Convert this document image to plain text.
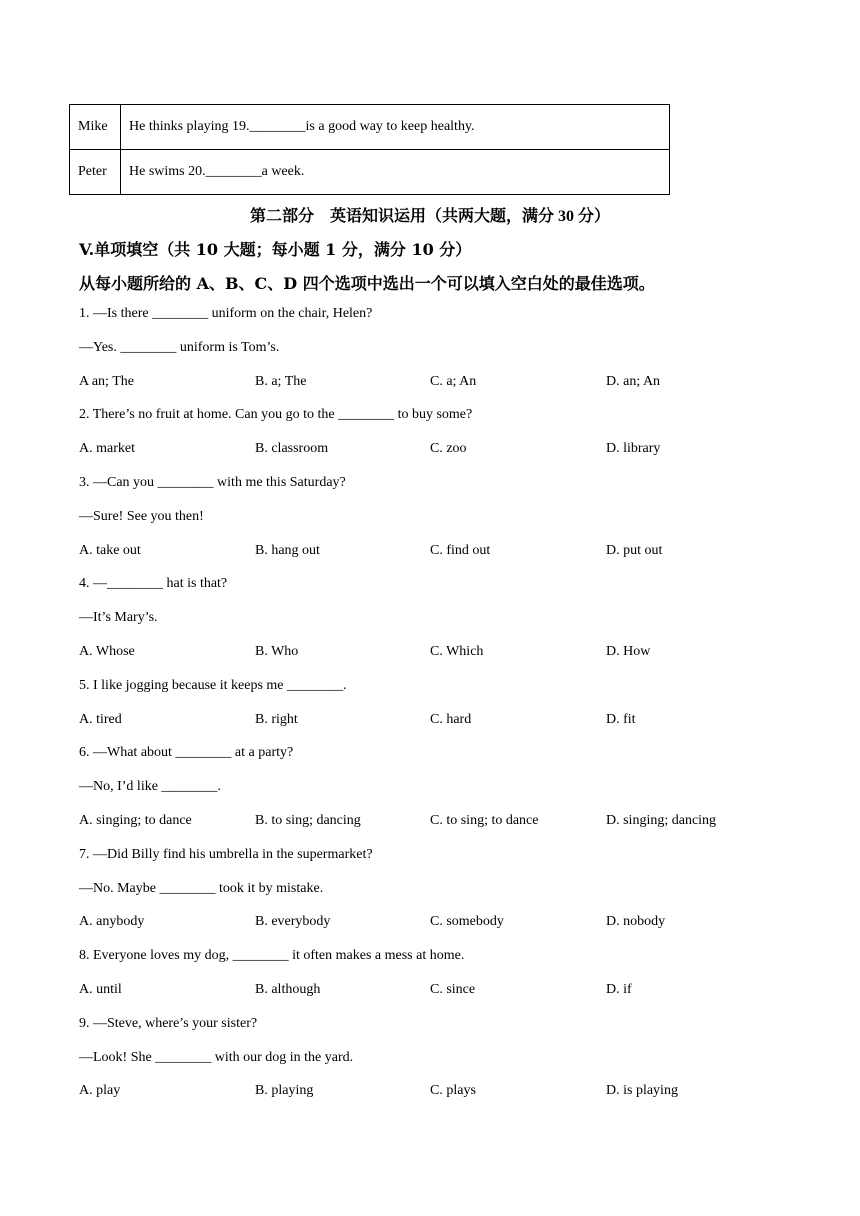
Mike	He thinks playing 19.________is a good way to keep healthy.
Peter	He swims 20.________a week.
第二部分　英语知识运用（共两大题，满分 30 分）
V.单项填空（共 10 大题；每小题 1 分，满分 10 分）
从每小题所给的 A、B、C、D 四个选项中选出一个可以填入空白处的最佳选项。
1. —Is there ________ uniform on the chair, Helen?
—Yes. ________ uniform is Tom’s.
A an; The	B. a; The	C. a; An	D. an; An
2. There’s no fruit at home. Can you go to the ________ to buy some?
A. market	B. classroom	C. zoo	D. library
3. —Can you ________ with me this Saturday?
—Sure! See you then!
A. take out	B. hang out	C. find out	D. put out
4. —________ hat is that?
—It’s Mary’s.
A. Whose	B. Who	C. Which	D. How
5. I like jogging because it keeps me ________.
A. tired	B. right	C. hard	D. fit
6. —What about ________ at a party?
—No, I’d like ________.
A. singing; to dance	B. to sing; dancing	C. to sing; to dance	D. singing; dancing
7. —Did Billy find his umbrella in the supermarket?
—No. Maybe ________ took it by mistake.
A. anybody	B. everybody	C. somebody	D. nobody
8. Everyone loves my dog, ________ it often makes a mess at home.
A. until	B. although	C. since	D. if
9. —Steve, where’s your sister?
—Look! She ________ with our dog in the yard.
A. play	B. playing	C. plays	D. is playing
